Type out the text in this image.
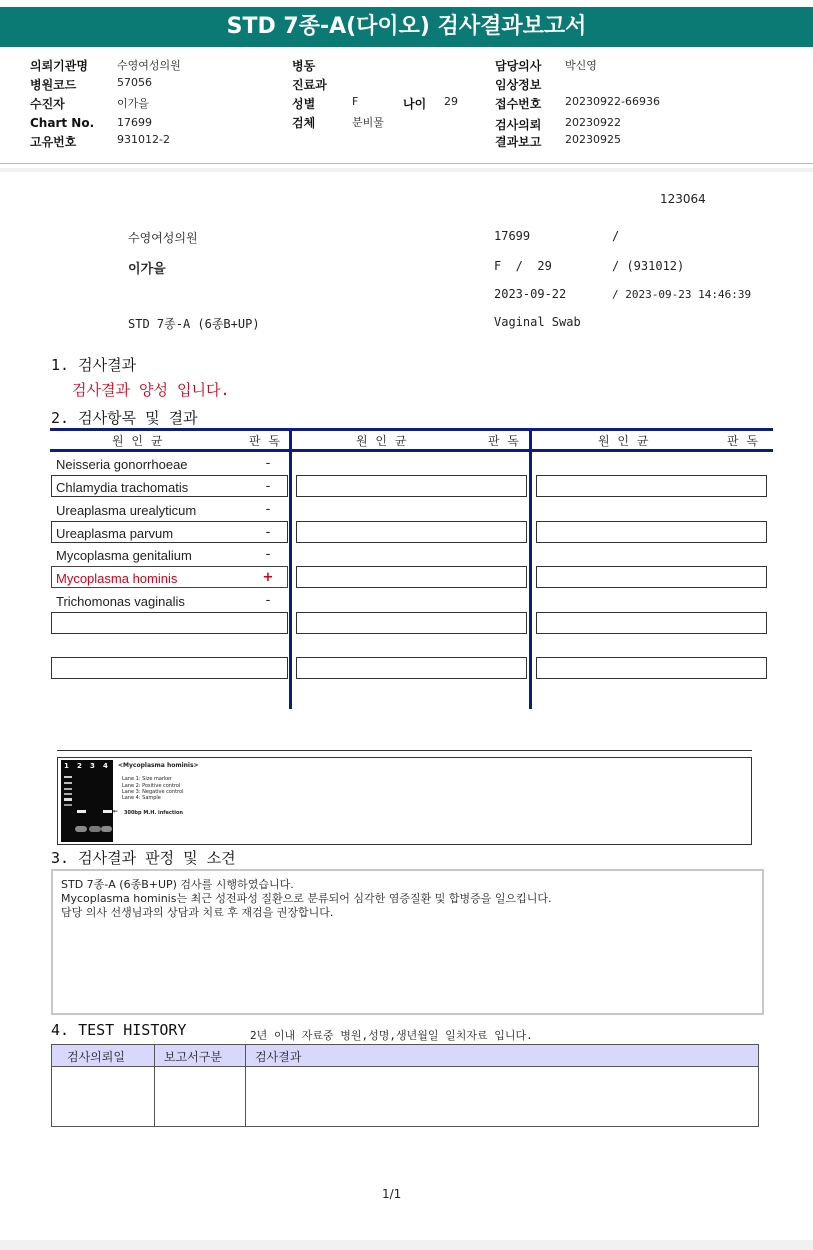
STD 7종-A(다이오) 검사결과보고서
의뢰기관명	수영여성의원
병원코드	57056
수진자	이가을
Chart No. 17699
고유번호	931012-2
병동
진료과
성별	F	나이 29
검체	분비물
담당의사 박신영
임상정보
접수번호 20230922-66936
검사의뢰 20230922
결과보고 20230925
123064
수영여성의원	17699	/
이가을	F  /  29	/ (931012)
2023-09-22	/ 2023-09-23 14:46:39
STD 7종-A (6종B+UP)	Vaginal Swab
1. 검사결과
검사결과 양성 입니다.
2. 검사항목 및 결과
원 인 균	판 독	원 인 균	판 독	원 인 균	판 독
Neisseria gonorrhoeae	-
Chlamydia trachomatis	-
Ureaplasma urealyticum	-
Ureaplasma parvum	-
Mycoplasma genitalium	-
Mycoplasma hominis	+
Trichomonas vaginalis	-
1 2 3 4 <Mycoplasma hominis>
Lane 1: Size marker
Lane 2: Positive control
Lane 3: Negative control
Lane 4: Sample
← 300bp M.H. infection
3. 검사결과 판정 및 소견
STD 7종-A (6종B+UP) 검사를 시행하였습니다.
Mycoplasma hominis는 최근 성전파성 질환으로 분류되어 심각한 염증질환 및 합병증을 일으킵니다.
담당 의사 선생님과의 상담과 치료 후 재검을 권장합니다.
4. TEST HISTORY	2년 이내 자료중 병원,성명,생년월일 일치자료 입니다.
검사의뢰일	보고서구분	검사결과
1/1
